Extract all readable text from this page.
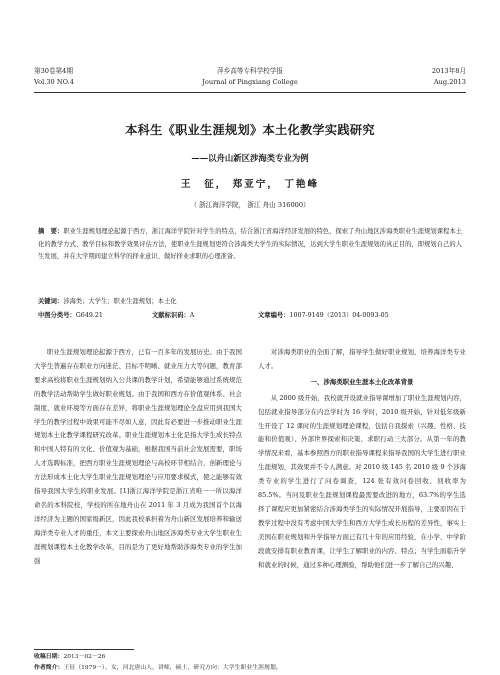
第30卷第4期
Vol.30 NO.4
萍乡高等专科学校学报
Journal of Pingxiang College
2013年8月
Aug.2013
本科生《职业生涯规划》本土化教学实践研究
——以舟山新区涉海类专业为例
王　征， 郑亚宁， 丁艳峰
（ 浙江海洋学院， 浙江 舟山 316000）
摘　要：职业生涯规划理论起源于西方，浙江海洋学院针对学生的特点，结合浙江省海洋经济发展的特色，探索了舟山地区涉海类职业生涯规划课程本土化的教学方式、教学目标和教学效果评估方法，使职业生涯规划更符合涉海类大学生的实际情况，达到大学生职业生涯规划的真正目的，即规划自己的人生发展，并在大学期间建立科学的择业意识、做好择业求职的心理准备。
关键词：涉海类；大学生；职业生涯规划；本土化
中图分类号：G649.21	文献标识码：A	文章编号：1007-9149（2013）04-0093-05

职业生涯规划理论起源于西方，已有一百多年的发展历史。由于我国大学生普遍存在职业方向迷茫、目标不明晰、就业压力大等问题，教育部要求高校将职业生涯规划纳入公共课的教学计划，希望能够通过系统规范的教学活动帮助学生做好职业规划。由于我国和西方在价值观体系、社会制度、就业环境等方面存在差异，将职业生涯规划理论全盘应用到我国大学生的教学过程中效果可能不尽如人意，因此有必要进一步推动职业生涯规划本土化教学课程研究改革。职业生涯规划本土化是指大学生成长特点和中国人特有的文化、价值观为基础，根据我国当前社会发展需要，职场人才选聘标准，把西方职业生涯规划理论与高校环节相结合，创新理论与方法形成本土化大学生职业生涯规划理论与应用要求模式，使之能够有效指导我国大学生的职业发展。[1]浙江海洋学院是浙江省唯一一所以海洋命名的本科院校，学校的所在地舟山在 2011 年 3 月成为我国首个以海洋经济为主题的国家级新区，因此我校承担着为舟山新区发展培养和输送海洋类专业人才的重任，本文主要探索舟山地区涉海类专业大学生职业生涯规划课程本土化教学改革，目的是为了更好地帮助涉海类专业的学生加强

对涉海类职业的全面了解，指导学生做好职业规划，培养海洋类专业人才。

一、涉海类职业生涯本土化改革背景

从 2000 级开始，我校就开设就业指导课增加了职业生涯规划内容，包括就业指导部分在内总学时为 16 学时，2010 级开始，针对低年级新生开设了 12 课时的生涯规划理论课程，包括自我探索（兴趣、性格、技能和价值观）、外部世界探索和决策、求职行动三大部分。从第一年的教学情况来看，基本参照西方的职业指导课程来指导我国的大学生进行职业生涯规划，其效果并不令人满意。对 2010 级 145 名 2010 级 9 个涉海类专业的学生进行了问卷调查，124 张有效问卷回收，回收率为 85.5%。当问及职业生涯规划课程最需要改进的地方，63.7%的学生选择了课程应更加紧密结合涉海类学生的实际情况开展指导，主要原因在于教学过程中没有考虑中国大学生和西方大学生成长历程的差异性，事实上美国在职业规划和升学指导方面已有几十年的应用经验，在小学、中学阶段就安排有职业教育课，让学生了解职业的内容、特点；当学生面临升学和就业的时候，通过多种心理测验，帮助他们进一步了解自己的兴趣、

收稿日期：2013－02－26
作者简介：王征（1979－），女，河北唐山人，讲师，硕士，研究方向：大学生职业生涯规划。
